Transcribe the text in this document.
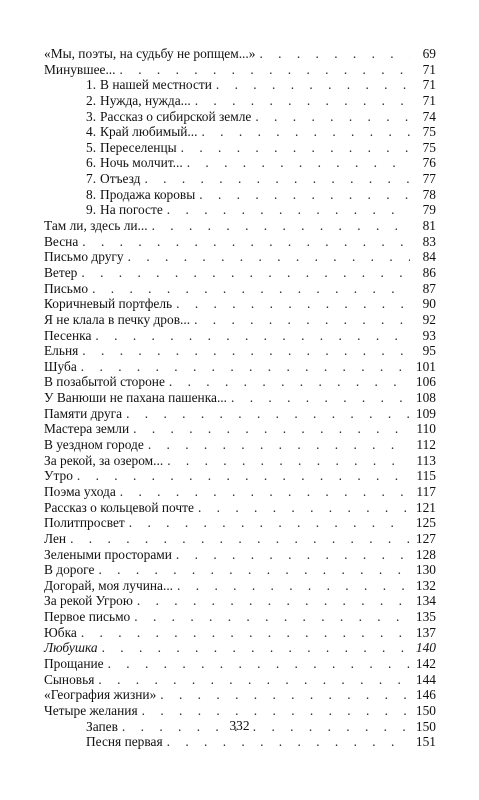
«Мы, поэты, на судьбу не ропщем...» . . .	69
Минувшее... . . .	71
1. В нашей местности . . .	71
2. Нужда, нужда... . . .	71
3. Рассказ о сибирской земле . . .	74
4. Край любимый... . . .	75
5. Переселенцы . . .	75
6. Ночь молчит... . . .	76
7. Отъезд . . .	77
8. Продажа коровы . . .	78
9. На погосте . . .	79
Там ли, здесь ли... . . .	81
Весна . . .	83
Письмо другу . . .	84
Ветер . . .	86
Письмо . . .	87
Коричневый портфель . . .	90
Я не клала в печку дров... . . .	92
Песенка . . .	93
Ельня . . .	95
Шуба . . .	101
В позабытой стороне . . .	106
У Ванюши не пахана пашенка... . . .	108
Памяти друга . . .	109
Мастера земли . . .	110
В уездном городе . . .	112
За рекой, за озером... . . .	113
Утро . . .	115
Поэма ухода . . .	117
Рассказ о кольцевой почте . . .	121
Политпросвет . . .	125
Лен . . .	127
Зелеными просторами . . .	128
В дороге . . .	130
Догорай, моя лучина... . . .	132
За рекой Угрою . . .	134
Первое письмо . . .	135
Юбка . . .	137
Любушка . . .	140
Прощание . . .	142
Сыновья . . .	144
«География жизни» . . .	146
Четыре желания . . .	150
Запев . . .	150
Песня первая . . .	151
332
